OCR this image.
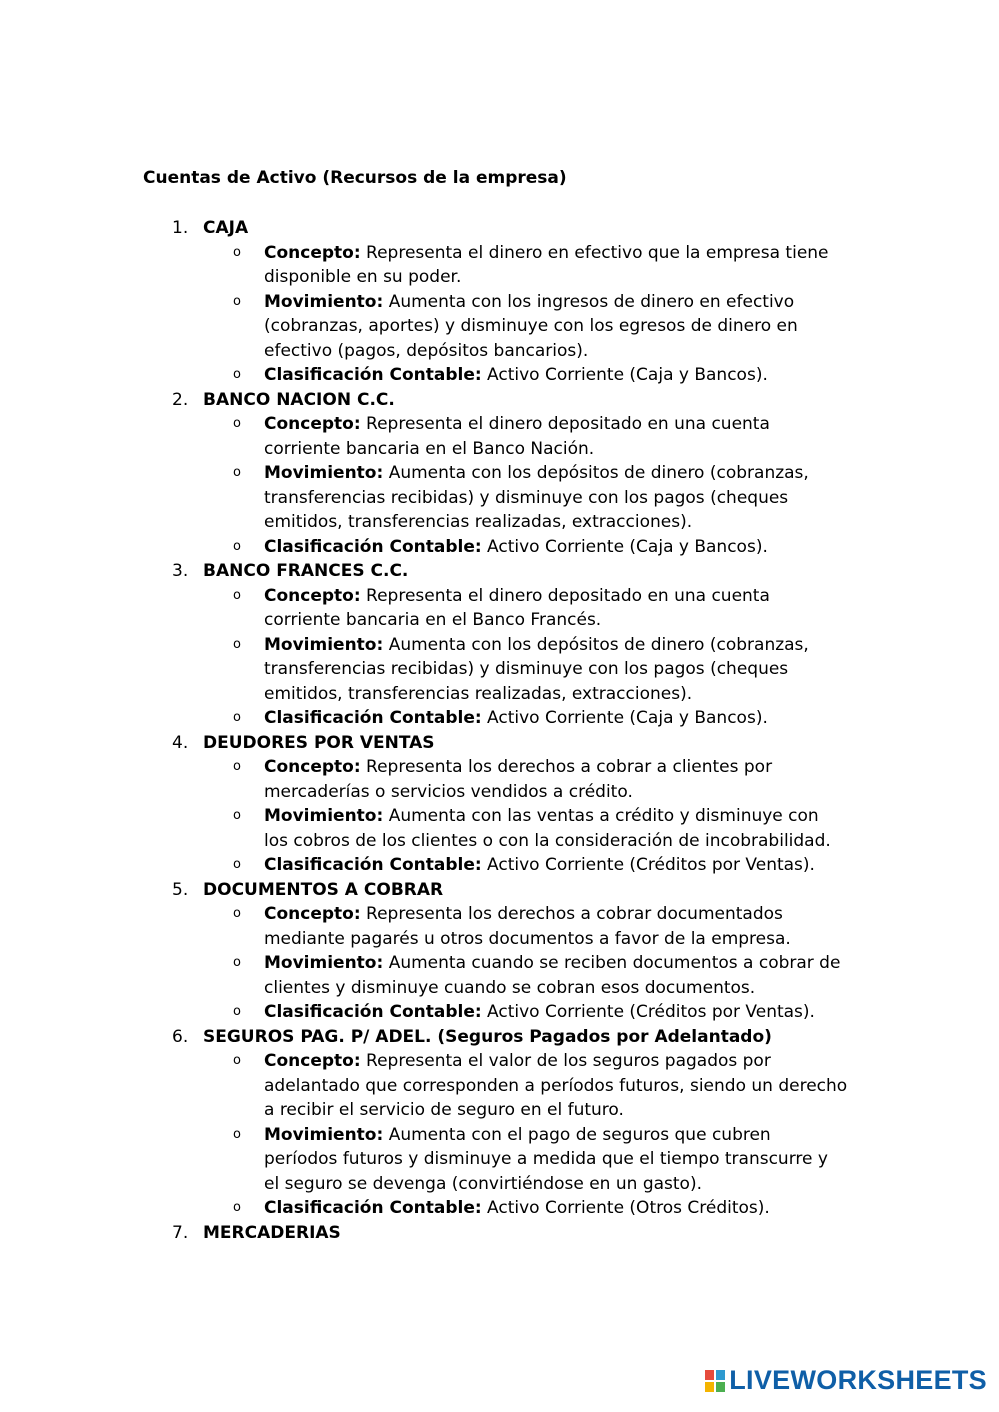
Cuentas de Activo (Recursos de la empresa)
1. CAJA
o Concepto: Representa el dinero en efectivo que la empresa tiene disponible en su poder.
o Movimiento: Aumenta con los ingresos de dinero en efectivo (cobranzas, aportes) y disminuye con los egresos de dinero en efectivo (pagos, depósitos bancarios).
o Clasificación Contable: Activo Corriente (Caja y Bancos).
2. BANCO NACION C.C.
o Concepto: Representa el dinero depositado en una cuenta corriente bancaria en el Banco Nación.
o Movimiento: Aumenta con los depósitos de dinero (cobranzas, transferencias recibidas) y disminuye con los pagos (cheques emitidos, transferencias realizadas, extracciones).
o Clasificación Contable: Activo Corriente (Caja y Bancos).
3. BANCO FRANCES C.C.
o Concepto: Representa el dinero depositado en una cuenta corriente bancaria en el Banco Francés.
o Movimiento: Aumenta con los depósitos de dinero (cobranzas, transferencias recibidas) y disminuye con los pagos (cheques emitidos, transferencias realizadas, extracciones).
o Clasificación Contable: Activo Corriente (Caja y Bancos).
4. DEUDORES POR VENTAS
o Concepto: Representa los derechos a cobrar a clientes por mercaderías o servicios vendidos a crédito.
o Movimiento: Aumenta con las ventas a crédito y disminuye con los cobros de los clientes o con la consideración de incobrabilidad.
o Clasificación Contable: Activo Corriente (Créditos por Ventas).
5. DOCUMENTOS A COBRAR
o Concepto: Representa los derechos a cobrar documentados mediante pagarés u otros documentos a favor de la empresa.
o Movimiento: Aumenta cuando se reciben documentos a cobrar de clientes y disminuye cuando se cobran esos documentos.
o Clasificación Contable: Activo Corriente (Créditos por Ventas).
6. SEGUROS PAG. P/ ADEL. (Seguros Pagados por Adelantado)
o Concepto: Representa el valor de los seguros pagados por adelantado que corresponden a períodos futuros, siendo un derecho a recibir el servicio de seguro en el futuro.
o Movimiento: Aumenta con el pago de seguros que cubren períodos futuros y disminuye a medida que el tiempo transcurre y el seguro se devenga (convirtiéndose en un gasto).
o Clasificación Contable: Activo Corriente (Otros Créditos).
7. MERCADERIAS
LIVEWORKSHEETS
